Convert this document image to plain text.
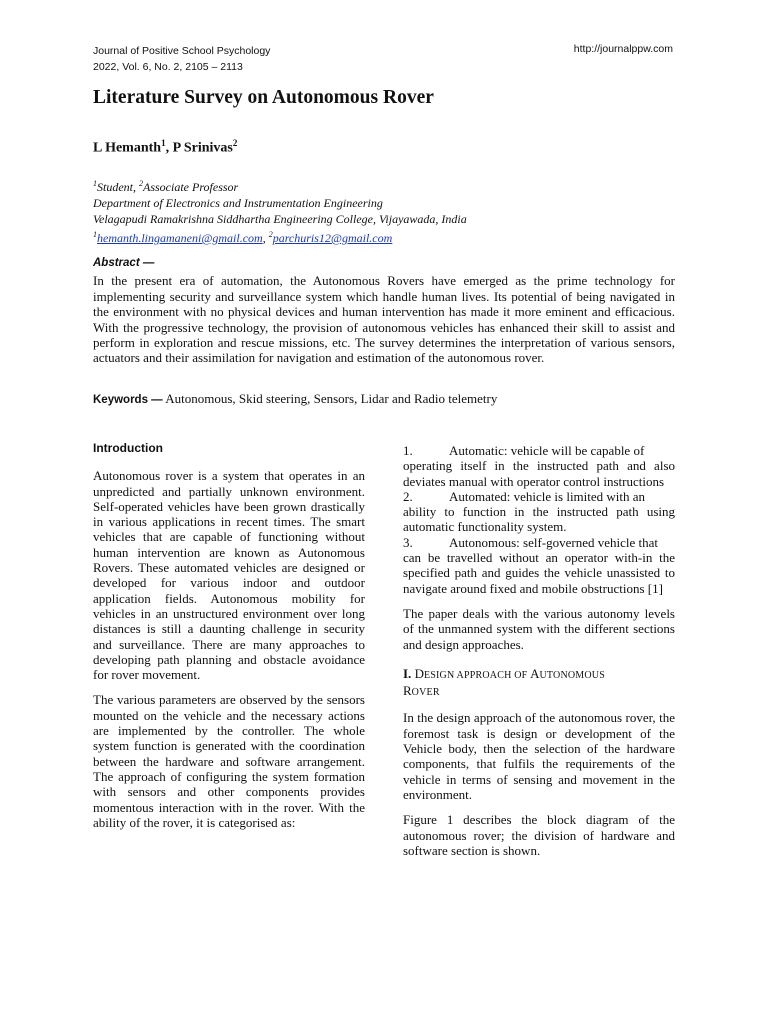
Journal of Positive School Psychology
2022, Vol. 6, No. 2, 2105 – 2113
http://journalppw.com
Literature Survey on Autonomous Rover
L Hemanth$^1$, P Srinivas$^2$
$^1$Student, $^2$Associate Professor
Department of Electronics and Instrumentation Engineering
Velagapudi Ramakrishna Siddhartha Engineering College, Vijayawada, India
$^1$hemanth.lingamaneni@gmail.com, $^2$parchuris12@gmail.com
Abstract —
In the present era of automation, the Autonomous Rovers have emerged as the prime technology for implementing security and surveillance system which handle human lives. Its potential of being navigated in the environment with no physical devices and human intervention has made it more eminent and efficacious. With the progressive technology, the provision of autonomous vehicles has enhanced their skill to assist and perform in exploration and rescue missions, etc. The survey determines the interpretation of various sensors, actuators and their assimilation for navigation and estimation of the autonomous rover.
Keywords — Autonomous, Skid steering, Sensors, Lidar and Radio telemetry
Introduction

Autonomous rover is a system that operates in an unpredicted and partially unknown environment. Self-operated vehicles have been grown drastically in various applications in recent times. The smart vehicles that are capable of functioning without human intervention are known as Autonomous Rovers. These automated vehicles are designed or developed for various indoor and outdoor application fields. Autonomous mobility for vehicles in an unstructured environment over long distances is still a daunting challenge in security and surveillance. There are many approaches to developing path planning and obstacle avoidance for rover movement.

The various parameters are observed by the sensors mounted on the vehicle and the necessary actions are implemented by the controller. The whole system function is generated with the coordination between the hardware and software arrangement. The approach of configuring the system formation with sensors and other components provides momentous interaction with in the rover. With the ability of the rover, it is categorised as:

1.	Automatic: vehicle will be capable of
operating itself in the instructed path and also deviates manual with operator control instructions
2.	Automated: vehicle is limited with an
ability to function in the instructed path using automatic functionality system.
3.	Autonomous: self-governed vehicle that
can be travelled without an operator with-in the specified path and guides the vehicle unassisted to navigate around fixed and mobile obstructions [1]

The paper deals with the various autonomy levels of the unmanned system with the different sections and design approaches.

I. DESIGN APPROACH OF AUTONOMOUS
ROVER

In the design approach of the autonomous rover, the foremost task is design or development of the Vehicle body, then the selection of the hardware components, that fulfils the requirements of the vehicle in terms of sensing and movement in the environment.

Figure 1 describes the block diagram of the autonomous rover; the division of hardware and software section is shown.
